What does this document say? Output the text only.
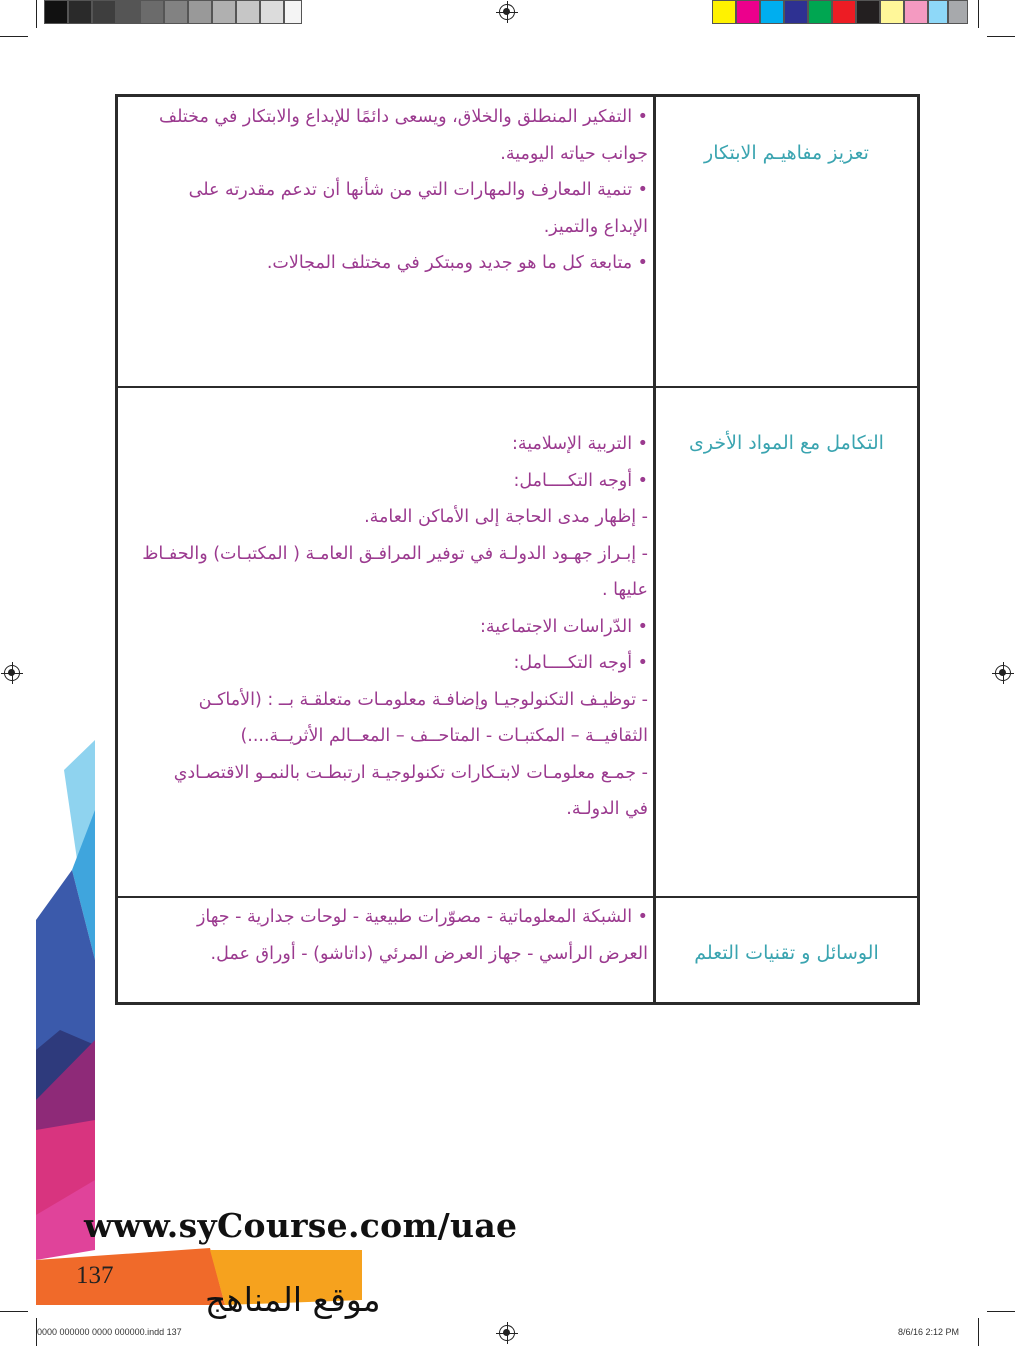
تعزيز مفاهيـم الابتكار

• التفكير المنطلق والخلاق، ويسعى دائمًا للإبداع والابتكار في مختلف

جوانب حياته اليومية.

• تنمية المعارف والمهارات التي من شأنها أن تدعم مقدرته على

الإبداع والتميز.

• متابعة كل ما هو جديد ومبتكر في مختلف المجالات.

التكامل مع المواد الأخرى

• التربية الإسلامية:

• أوجه التكــــامل:

- إظهار مدى الحاجة إلى الأماكن العامة.

- إبـراز جهـود الدولـة في توفير المرافـق العامـة ( المكتبـات) والحفـاظ

عليها .

• الدّراسات الاجتماعية:

• أوجه التكــــامل:

- توظيـف التكنولوجيـا وإضافـة معلومـات متعلقـة بــ : (الأماكـن

الثقافيــة – المكتبـات - المتاحــف – المعــالم الأثريــة....)

- جمـع معلومـات لابتـكارات تكنولوجيـة ارتبطـت بالنمـو الاقتصـادي

في الدولـة.

الوسائل و تقنيات التعلم

• الشبكة المعلوماتية - مصوّرات طبيعية - لوحات جدارية - جهاز

العرض الرأسي - جهاز العرض المرئي (داتاشو) - أوراق عمل.

www.syCourse.com/uae
137
موقع المناهج
0000 000000 0000 000000.indd 137	8/6/16 2:12 PM
